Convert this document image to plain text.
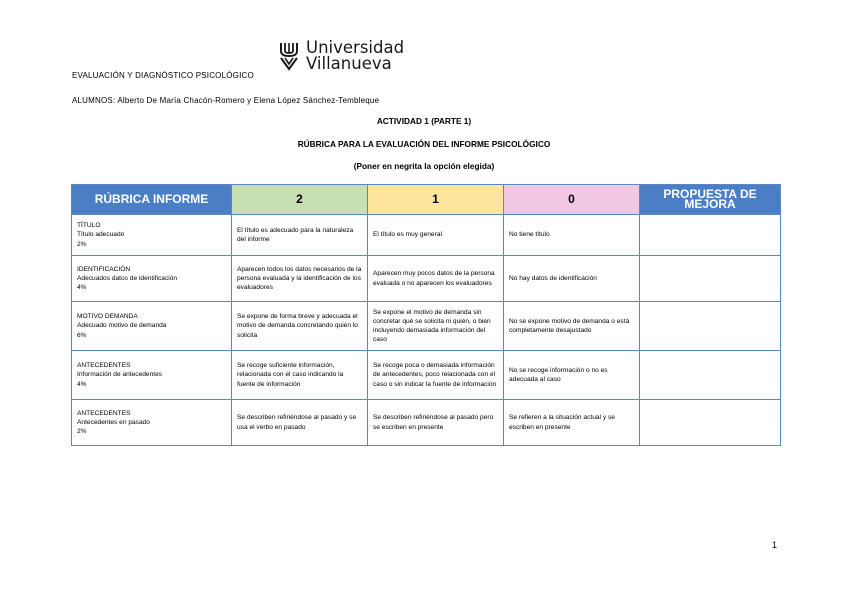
EVALUACIÓN Y DIAGNÓSTICO PSICOLÓGICO
Universidad
Villanueva
ALUMNOS: Alberto De María Chacón-Romero y Elena López Sánchez-Tembleque
ACTIVIDAD 1 (PARTE 1)
RÚBRICA PARA LA EVALUACIÓN DEL INFORME PSICOLÓGICO
(Poner en negrita la opción elegida)
RÚBRICA INFORME	2	1	0	PROPUESTA DE MEJORA

TÍTULO
Título adecuado
2%	El título es adecuado para la naturaleza del informe	El título es muy general	No tiene título	

IDENTIFICACIÓN
Adecuados datos de identificación
4%	Aparecen todos los datos necesarios de la persona evaluada y la identificación de los evaluadores	Aparecen muy pocos datos de la persona evaluada o no aparecen los evaluadores	No hay datos de identificación	

MOTIVO DEMANDA
Adecuado motivo de demanda
6%	Se expone de forma breve y adecuada el motivo de demanda concretando quién lo solicita	Se expone el motivo de demanda sin concretar qué se solicita ni quién, o bien incluyendo demasiada información del caso	No se expone motivo de demanda o está completamente desajustado	

ANTECEDENTES
Información de antecedentes
4%	Se recoge suficiente información, relacionada con el caso indicando la fuente de información	Se recoge poca o demasiada información de antecedentes, poco relacionada con el caso o sin indicar la fuente de información	No se recoge información o no es adecuada al caso	

ANTECEDENTES
Antecedentes en pasado
2%	Se describen refiriéndose al pasado y se usa el verbo en pasado	Se describen refiriéndose al pasado pero se escriben en presente	Se refieren a la situación actual y se escriben en presente	
1
